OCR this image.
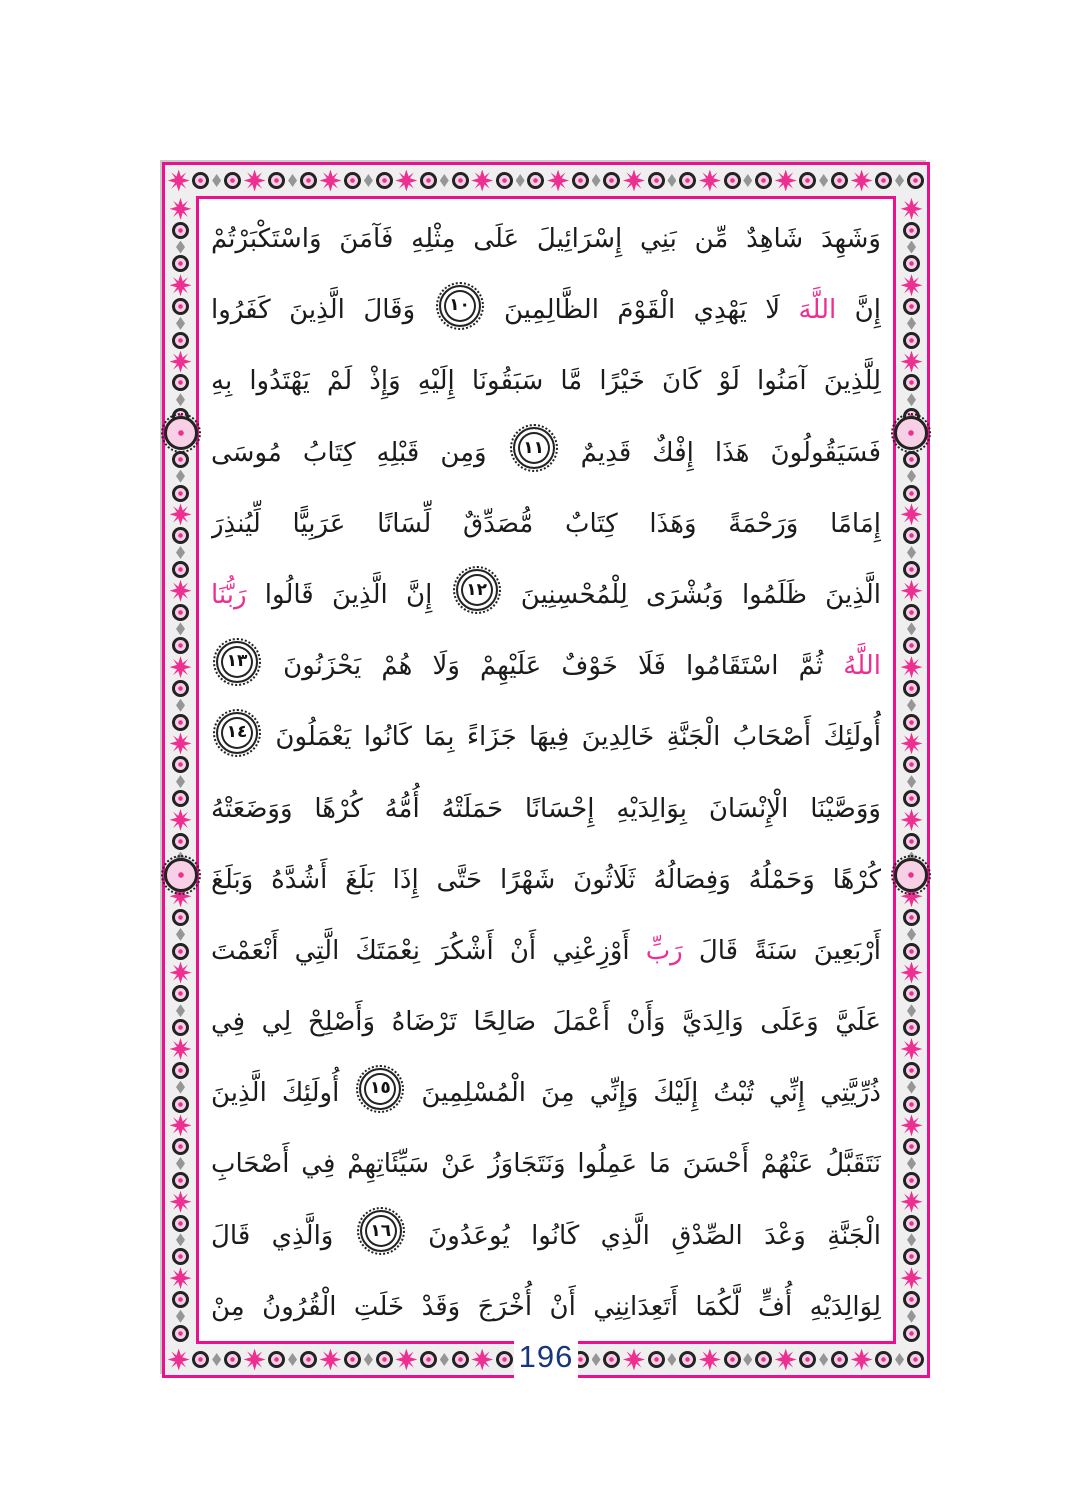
وَشَهِدَ شَاهِدٌ مِّن بَنِي إِسْرَائِيلَ عَلَى مِثْلِهِ فَآمَنَ وَاسْتَكْبَرْتُمْ
إِنَّ اللَّهَ لَا يَهْدِي الْقَوْمَ الظَّالِمِينَ
١٠
وَقَالَ الَّذِينَ كَفَرُوا
لِلَّذِينَ آمَنُوا لَوْ كَانَ خَيْرًا مَّا سَبَقُونَا إِلَيْهِ وَإِذْ لَمْ يَهْتَدُوا بِهِ
فَسَيَقُولُونَ هَذَا إِفْكٌ قَدِيمٌ
١١
وَمِن قَبْلِهِ كِتَابُ مُوسَى
إِمَامًا وَرَحْمَةً وَهَذَا كِتَابٌ مُّصَدِّقٌ لِّسَانًا عَرَبِيًّا لِّيُنذِرَ
الَّذِينَ ظَلَمُوا وَبُشْرَى لِلْمُحْسِنِينَ
١٢
إِنَّ الَّذِينَ قَالُوا رَبُّنَا
اللَّهُ ثُمَّ اسْتَقَامُوا فَلَا خَوْفٌ عَلَيْهِمْ وَلَا هُمْ يَحْزَنُونَ
١٣
أُولَئِكَ أَصْحَابُ الْجَنَّةِ خَالِدِينَ فِيهَا جَزَاءً بِمَا كَانُوا يَعْمَلُونَ
١٤
وَوَصَّيْنَا الْإِنْسَانَ بِوَالِدَيْهِ إِحْسَانًا حَمَلَتْهُ أُمُّهُ كُرْهًا وَوَضَعَتْهُ
كُرْهًا وَحَمْلُهُ وَفِصَالُهُ ثَلَاثُونَ شَهْرًا حَتَّى إِذَا بَلَغَ أَشُدَّهُ وَبَلَغَ
أَرْبَعِينَ سَنَةً قَالَ رَبِّ أَوْزِعْنِي أَنْ أَشْكُرَ نِعْمَتَكَ الَّتِي أَنْعَمْتَ
عَلَيَّ وَعَلَى وَالِدَيَّ وَأَنْ أَعْمَلَ صَالِحًا تَرْضَاهُ وَأَصْلِحْ لِي فِي
ذُرِّيَّتِي إِنِّي تُبْتُ إِلَيْكَ وَإِنِّي مِنَ الْمُسْلِمِينَ
١٥
أُولَئِكَ الَّذِينَ
نَتَقَبَّلُ عَنْهُمْ أَحْسَنَ مَا عَمِلُوا وَنَتَجَاوَزُ عَنْ سَيِّئَاتِهِمْ فِي أَصْحَابِ
الْجَنَّةِ وَعْدَ الصِّدْقِ الَّذِي كَانُوا يُوعَدُونَ
١٦
وَالَّذِي قَالَ
لِوَالِدَيْهِ أُفٍّ لَّكُمَا أَتَعِدَانِنِي أَنْ أُخْرَجَ وَقَدْ خَلَتِ الْقُرُونُ مِنْ
196
